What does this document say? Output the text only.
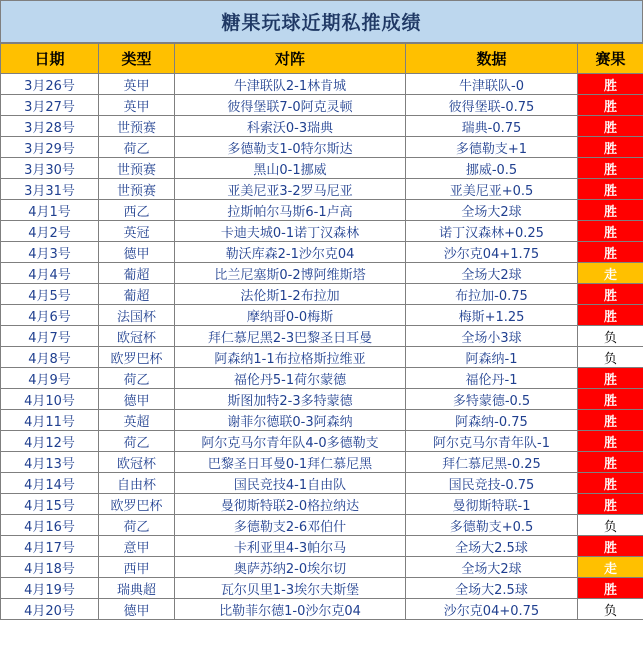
糖果玩球近期私推成绩
日期	类型	对阵	数据	赛果
3月26号	英甲	牛津联队2-1林肯城	牛津联队-0	胜
3月27号	英甲	彼得堡联7-0阿克灵顿	彼得堡联-0.75	胜
3月28号	世预赛	科索沃0-3瑞典	瑞典-0.75	胜
3月29号	荷乙	多德勒支1-0特尔斯达	多德勒支+1	胜
3月30号	世预赛	黑山0-1挪威	挪威-0.5	胜
3月31号	世预赛	亚美尼亚3-2罗马尼亚	亚美尼亚+0.5	胜
4月1号	西乙	拉斯帕尔马斯6-1卢高	全场大2球	胜
4月2号	英冠	卡迪夫城0-1诺丁汉森林	诺丁汉森林+0.25	胜
4月3号	德甲	勒沃库森2-1沙尔克04	沙尔克04+1.75	胜
4月4号	葡超	比兰尼塞斯0-2博阿维斯塔	全场大2球	走
4月5号	葡超	法伦斯1-2布拉加	布拉加-0.75	胜
4月6号	法国杯	摩纳哥0-0梅斯	梅斯+1.25	胜
4月7号	欧冠杯	拜仁慕尼黑2-3巴黎圣日耳曼	全场小3球	负
4月8号	欧罗巴杯	阿森纳1-1布拉格斯拉维亚	阿森纳-1	负
4月9号	荷乙	福伦丹5-1荷尔蒙德	福伦丹-1	胜
4月10号	德甲	斯图加特2-3多特蒙德	多特蒙德-0.5	胜
4月11号	英超	谢菲尔德联0-3阿森纳	阿森纳-0.75	胜
4月12号	荷乙	阿尔克马尔青年队4-0多德勒支	阿尔克马尔青年队-1	胜
4月13号	欧冠杯	巴黎圣日耳曼0-1拜仁慕尼黑	拜仁慕尼黑-0.25	胜
4月14号	自由杯	国民竞技4-1自由队	国民竞技-0.75	胜
4月15号	欧罗巴杯	曼彻斯特联2-0格拉纳达	曼彻斯特联-1	胜
4月16号	荷乙	多德勒支2-6邓伯什	多德勒支+0.5	负
4月17号	意甲	卡利亚里4-3帕尔马	全场大2.5球	胜
4月18号	西甲	奥萨苏纳2-0埃尔切	全场大2球	走
4月19号	瑞典超	瓦尔贝里1-3埃尔夫斯堡	全场大2.5球	胜
4月20号	德甲	比勒菲尔德1-0沙尔克04	沙尔克04+0.75	负
